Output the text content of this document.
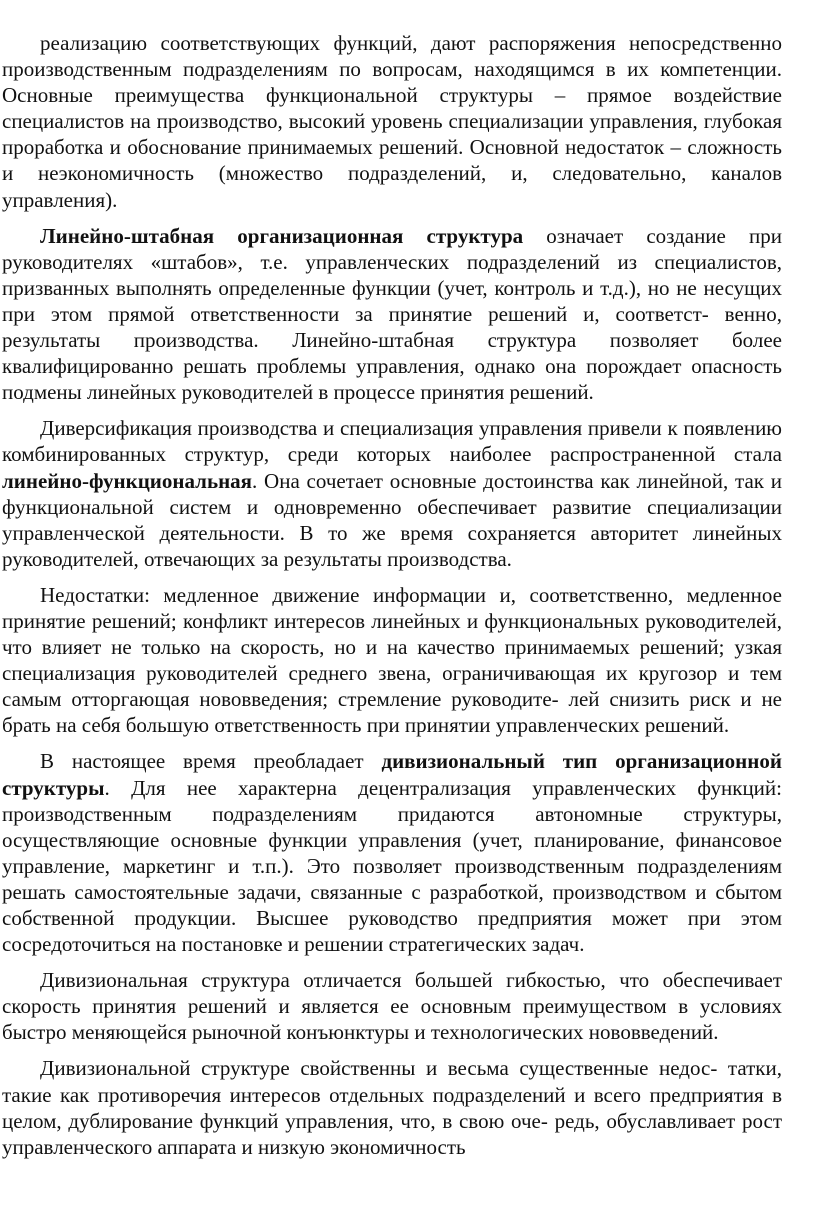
реализацию соответствующих функций, дают распоряжения непосредственно производственным подразделениям по вопросам, находящимся в их компетенции. Основные преимущества функциональной структуры – прямое воздействие специалистов на производство, высокий уровень специализации управления, глубокая проработка и обоснование принимаемых решений. Основной недостаток – сложность и неэкономичность (множество подразделений, и, следовательно, каналов управления).

Линейно-штабная организационная структура означает создание при руководителях «штабов», т.е. управленческих подразделений из специалистов, призванных выполнять определенные функции (учет, контроль и т.д.), но не несущих при этом прямой ответственности за принятие решений и, соответст- венно, результаты производства. Линейно-штабная структура позволяет более квалифицированно решать проблемы управления, однако она порождает опасность подмены линейных руководителей в процессе принятия решений.

Диверсификация производства и специализация управления привели к появлению комбинированных структур, среди которых наиболее распространенной стала линейно-функциональная. Она сочетает основные достоинства как линейной, так и функциональной систем и одновременно обеспечивает развитие специализации управленческой деятельности. В то же время сохраняется авторитет линейных руководителей, отвечающих за результаты производства.

Недостатки: медленное движение информации и, соответственно, медленное принятие решений; конфликт интересов линейных и функциональных руководителей, что влияет не только на скорость, но и на качество принимаемых решений; узкая специализация руководителей среднего звена, ограничивающая их кругозор и тем самым отторгающая нововведения; стремление руководите- лей снизить риск и не брать на себя большую ответственность при принятии управленческих решений.

В настоящее время преобладает дивизиональный тип организационной структуры. Для нее характерна децентрализация управленческих функций: производственным подразделениям придаются автономные структуры, осуществляющие основные функции управления (учет, планирование, финансовое управление, маркетинг и т.п.). Это позволяет производственным подразделениям решать самостоятельные задачи, связанные с разработкой, производством и сбытом собственной продукции. Высшее руководство предприятия может при этом сосредоточиться на постановке и решении стратегических задач.

Дивизиональная структура отличается большей гибкостью, что обеспечивает скорость принятия решений и является ее основным преимуществом в условиях быстро меняющейся рыночной конъюнктуры и технологических нововведений.

Дивизиональной структуре свойственны и весьма существенные недос- татки, такие как противоречия интересов отдельных подразделений и всего предприятия в целом, дублирование функций управления, что, в свою оче- редь, обуславливает рост управленческого аппарата и низкую экономичность
